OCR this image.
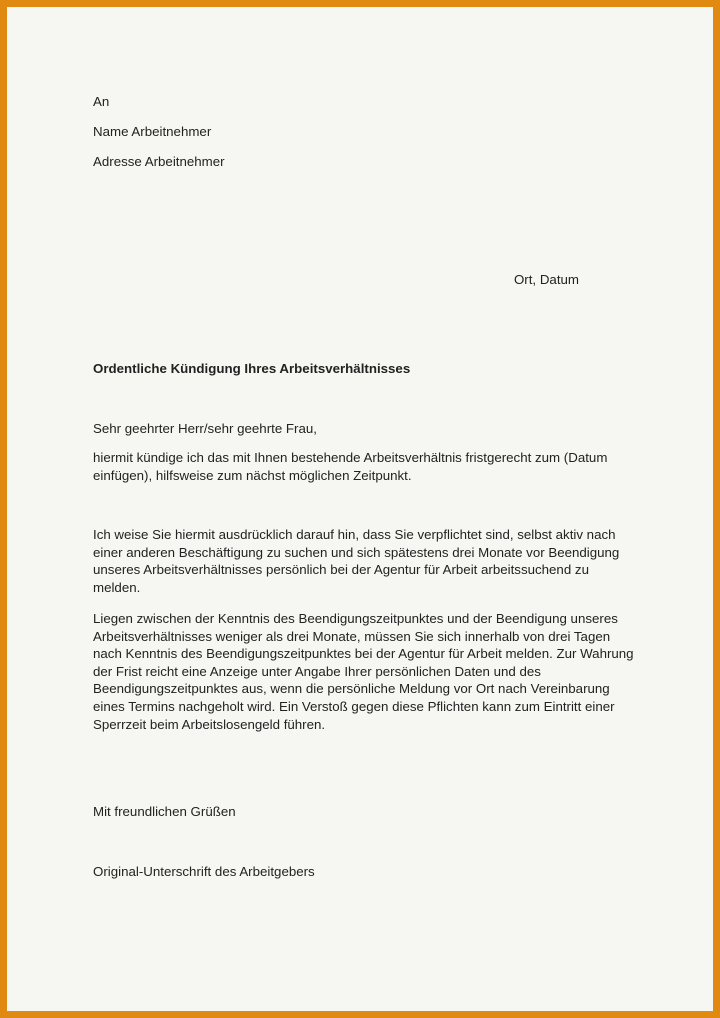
An

Name Arbeitnehmer

Adresse Arbeitnehmer

Ort, Datum

Ordentliche Kündigung Ihres Arbeitsverhältnisses

Sehr geehrter Herr/sehr geehrte Frau,

hiermit kündige ich das mit Ihnen bestehende Arbeitsverhältnis fristgerecht zum (Datum
einfügen), hilfsweise zum nächst möglichen Zeitpunkt.

Ich weise Sie hiermit ausdrücklich darauf hin, dass Sie verpflichtet sind, selbst aktiv nach
einer anderen Beschäftigung zu suchen und sich spätestens drei Monate vor Beendigung
unseres Arbeitsverhältnisses persönlich bei der Agentur für Arbeit arbeitssuchend zu
melden.

Liegen zwischen der Kenntnis des Beendigungszeitpunktes und der Beendigung unseres
Arbeitsverhältnisses weniger als drei Monate, müssen Sie sich innerhalb von drei Tagen
nach Kenntnis des Beendigungszeitpunktes bei der Agentur für Arbeit melden. Zur Wahrung
der Frist reicht eine Anzeige unter Angabe Ihrer persönlichen Daten und des
Beendigungszeitpunktes aus, wenn die persönliche Meldung vor Ort nach Vereinbarung
eines Termins nachgeholt wird. Ein Verstoß gegen diese Pflichten kann zum Eintritt einer
Sperrzeit beim Arbeitslosengeld führen.

Mit freundlichen Grüßen

Original-Unterschrift des Arbeitgebers
